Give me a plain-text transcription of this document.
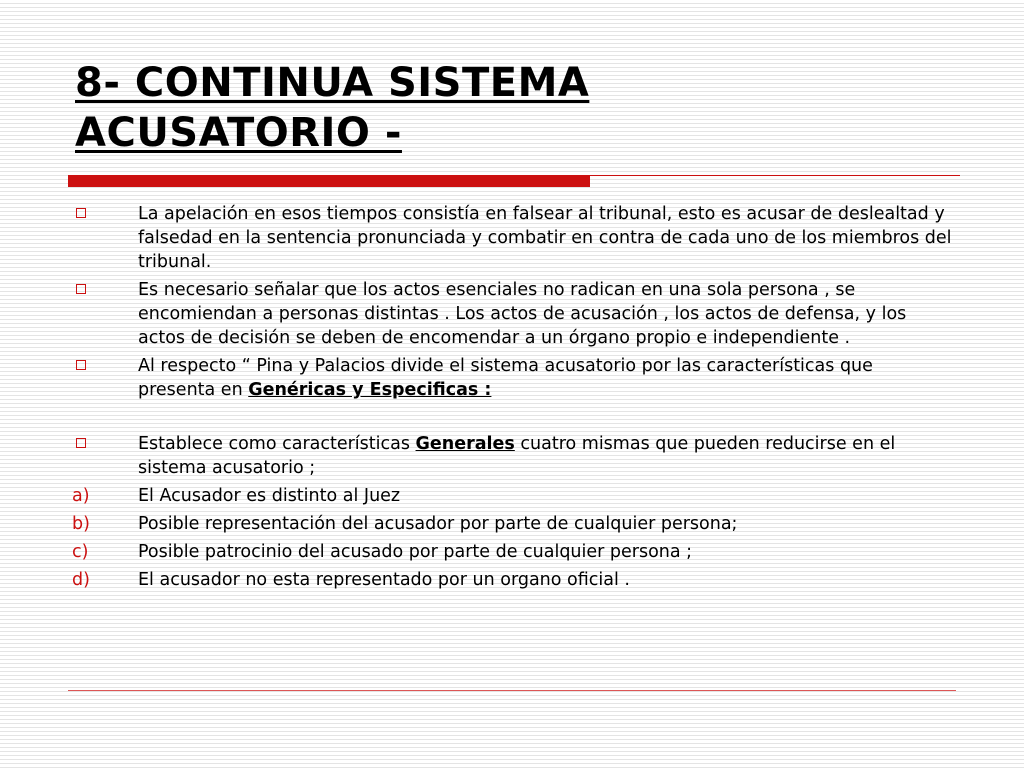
8- CONTINUA SISTEMA
ACUSATORIO -
La apelación en esos tiempos consistía en falsear al tribunal, esto es acusar de deslealtad y falsedad en la sentencia pronunciada y combatir en contra de cada uno de los miembros del tribunal.
Es necesario señalar que los actos esenciales no radican en una sola persona , se encomiendan a personas distintas . Los actos de acusación , los actos de defensa, y los actos de decisión se deben de encomendar a un órgano propio e independiente .
Al respecto “ Pina y Palacios divide el sistema acusatorio por las características que presenta en Genéricas y Especificas :
Establece como características Generales cuatro mismas que pueden reducirse en el sistema acusatorio ;
a)	El Acusador es distinto al Juez
b)	Posible representación del acusador por parte de cualquier persona;
c)	Posible patrocinio del acusado por parte de cualquier persona ;
d)	El acusador no esta representado por un organo oficial .
